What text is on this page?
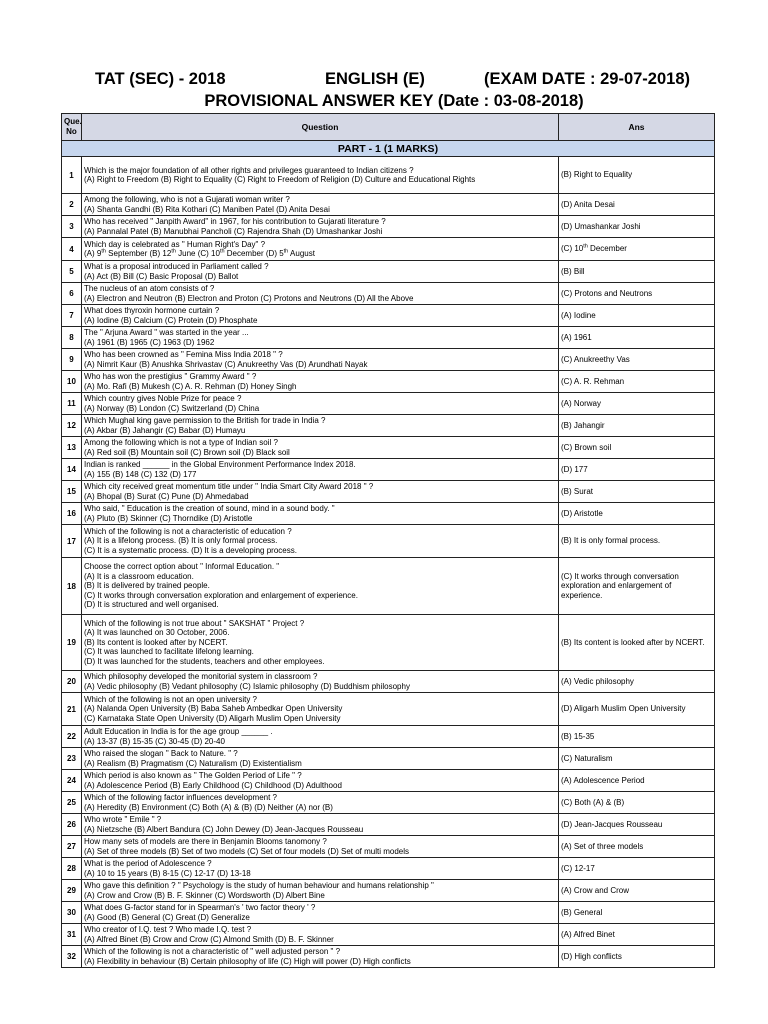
TAT (SEC) - 2018	ENGLISH (E)	(EXAM DATE : 29-07-2018)
PROVISIONAL ANSWER KEY (Date : 03-08-2018)
Que. No	Question	Ans
PART - 1 (1 MARKS)		
1	Which is the major foundation of all other rights and privileges guaranteed to Indian citizens ?
(A) Right to Freedom (B) Right to Equality (C) Right to Freedom of Religion (D) Culture and Educational Rights	(B) Right to Equality
2	Among the following, who is not a Gujarati woman writer ?
(A) Shanta Gandhi (B) Rita Kothari (C) Maniben Patel (D) Anita Desai	(D) Anita Desai
3	Who has received " Janpith Award" in 1967, for his contribution to Gujarati literature ?
(A) Pannalal Patel (B) Manubhai Pancholi (C) Rajendra Shah (D) Umashankar Joshi	(D) Umashankar Joshi
4	Which day is celebrated as " Human Right's Day" ?
(A) 9th September (B) 12th June (C) 10th December (D) 5th August	(C) 10th December
5	What is a proposal introduced in Parliament called ?
(A) Act (B) Bill (C) Basic Proposal (D) Ballot	(B) Bill
6	The nucleus of an atom consists of ?
(A) Electron and Neutron (B) Electron and Proton (C) Protons and Neutrons (D) All the Above	(C) Protons and Neutrons
7	What does thyroxin hormone curtain ?
(A) Iodine (B) Calcium (C) Protein (D) Phosphate	(A) Iodine
8	The " Arjuna Award " was started in the year ...
(A) 1961 (B) 1965 (C) 1963 (D) 1962	(A) 1961
9	Who has been crowned as " Femina Miss India 2018 " ?
(A) Nimrit Kaur (B) Anushka Shrivastav (C) Anukreethy Vas (D) Arundhati Nayak	(C) Anukreethy Vas
10	Who has won the prestigius " Grammy Award " ?
(A) Mo. Rafi (B) Mukesh (C) A. R. Rehman (D) Honey Singh	(C) A. R. Rehman
11	Which country gives Noble Prize for peace ?
(A) Norway (B) London (C) Switzerland (D) China	(A) Norway
12	Which Mughal king gave permission to the British for trade in India ?
(A) Akbar (B) Jahangir (C) Babar (D) Humayu	(B) Jahangir
13	Among the following which is not a type of Indian soil ?
(A) Red soil (B) Mountain soil (C) Brown soil (D) Black soil	(C) Brown soil
14	Indian is ranked ______ in the Global Environment Performance Index 2018.
(A) 155 (B) 148 (C) 132 (D) 177	(D) 177
15	Which city received great momentum title under " India Smart City Award 2018 " ?
(A) Bhopal (B) Surat (C) Pune (D) Ahmedabad	(B) Surat
16	Who said, " Education is the creation of sound, mind in a sound body. "
(A) Pluto (B) Skinner (C) Thorndike (D) Aristotle	(D) Aristotle
17	Which of the following is not a characteristic of education ?
(A) It is a lifelong process. (B) It is only formal process.
(C) It is a systematic process. (D) It is a developing process.	(B) It is only formal process.
18	Choose the correct option about " Informal Education. "
(A) It is a classroom education.
(B) It is delivered by trained people.
(C) It works through conversation exploration and enlargement of experience.
(D) It is structured and well organised.	(C) It works through conversation exploration and enlargement of experience.
19	Which of the following is not true about " SAKSHAT " Project ?
(A) It was launched on 30 October, 2006.
(B) Its content is looked after by NCERT.
(C) It was launched to facilitate lifelong learning.
(D) It was launched for the students, teachers and other employees.	(B) Its content is looked after by NCERT.
20	Which philosophy developed the monitorial system in classroom ?
(A) Vedic philosophy (B) Vedant philosophy (C) Islamic philosophy (D) Buddhism philosophy	(A) Vedic philosophy
21	Which of the following is not an open university ?
(A) Nalanda Open University (B) Baba Saheb Ambedkar Open University
(C) Karnataka State Open University (D) Aligarh Muslim Open University	(D) Aligarh Muslim Open University
22	Adult Education in India is for the age group ______ .
(A) 13-37 (B) 15-35 (C) 30-45 (D) 20-40	(B) 15-35
23	Who raised the slogan " Back to Nature. " ?
(A) Realism (B) Pragmatism (C) Naturalism (D) Existentialism	(C) Naturalism
24	Which period is also known as " The Golden Period of Life " ?
(A) Adolescence Period (B) Early Childhood (C) Childhood (D) Adulthood	(A) Adolescence Period
25	Which of the following factor influences development ?
(A) Heredity (B) Environment (C) Both (A) & (B) (D) Neither (A) nor (B)	(C) Both (A) & (B)
26	Who wrote " Emile " ?
(A) Nietzsche (B) Albert Bandura (C) John Dewey (D) Jean-Jacques Rousseau	(D) Jean-Jacques Rousseau
27	How many sets of models are there in Benjamin Blooms tanomony ?
(A) Set of three models (B) Set of two models (C) Set of four models (D) Set of multi models	(A) Set of three models
28	What is the period of Adolescence ?
(A) 10 to 15 years (B) 8-15 (C) 12-17 (D) 13-18	(C) 12-17
29	Who gave this definition ? " Psychology is the study of human behaviour and humans relationship "
(A) Crow and Crow (B) B. F. Skinner (C) Wordsworth (D) Albert Bine	(A) Crow and Crow
30	What does G-factor stand for in Spearman's ' two factor theory ' ?
(A) Good (B) General (C) Great (D) Generalize	(B) General
31	Who creator of I.Q. test ? Who made I.Q. test ?
(A) Alfred Binet (B) Crow and Crow (C) Almond Smith (D) B. F. Skinner	(A) Alfred Binet
32	Which of the following is not a characteristic of " well adjusted person " ?
(A) Flexibility in behaviour (B) Certain philosophy of life (C) High will power (D) High conflicts	(D) High conflicts
